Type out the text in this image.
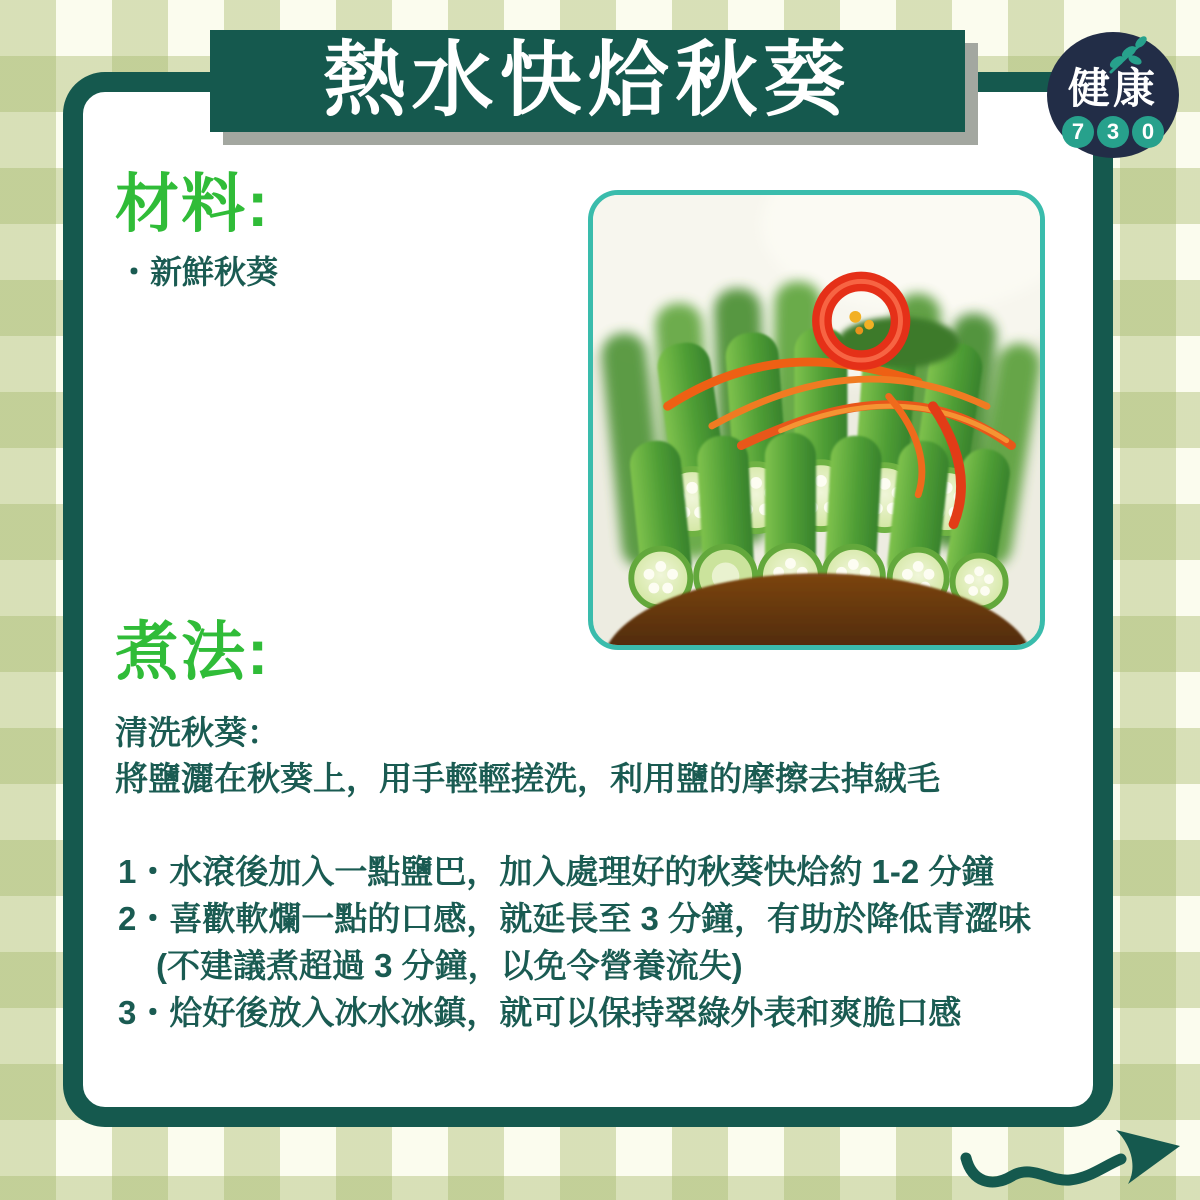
熱水快烚秋葵	健康
7	3	0
材料:
・新鮮秋葵
煮法:
清洗秋葵：
將鹽灑在秋葵上，用手輕輕搓洗，利用鹽的摩擦去掉絨毛
1・水滾後加入一點鹽巴，加入處理好的秋葵快烚約 1-2 分鐘
2・喜歡軟爛一點的口感，就延長至 3 分鐘，有助於降低青澀味
(不建議煮超過 3 分鐘，以免令營養流失)
3・烚好後放入冰水冰鎮，就可以保持翠綠外表和爽脆口感
